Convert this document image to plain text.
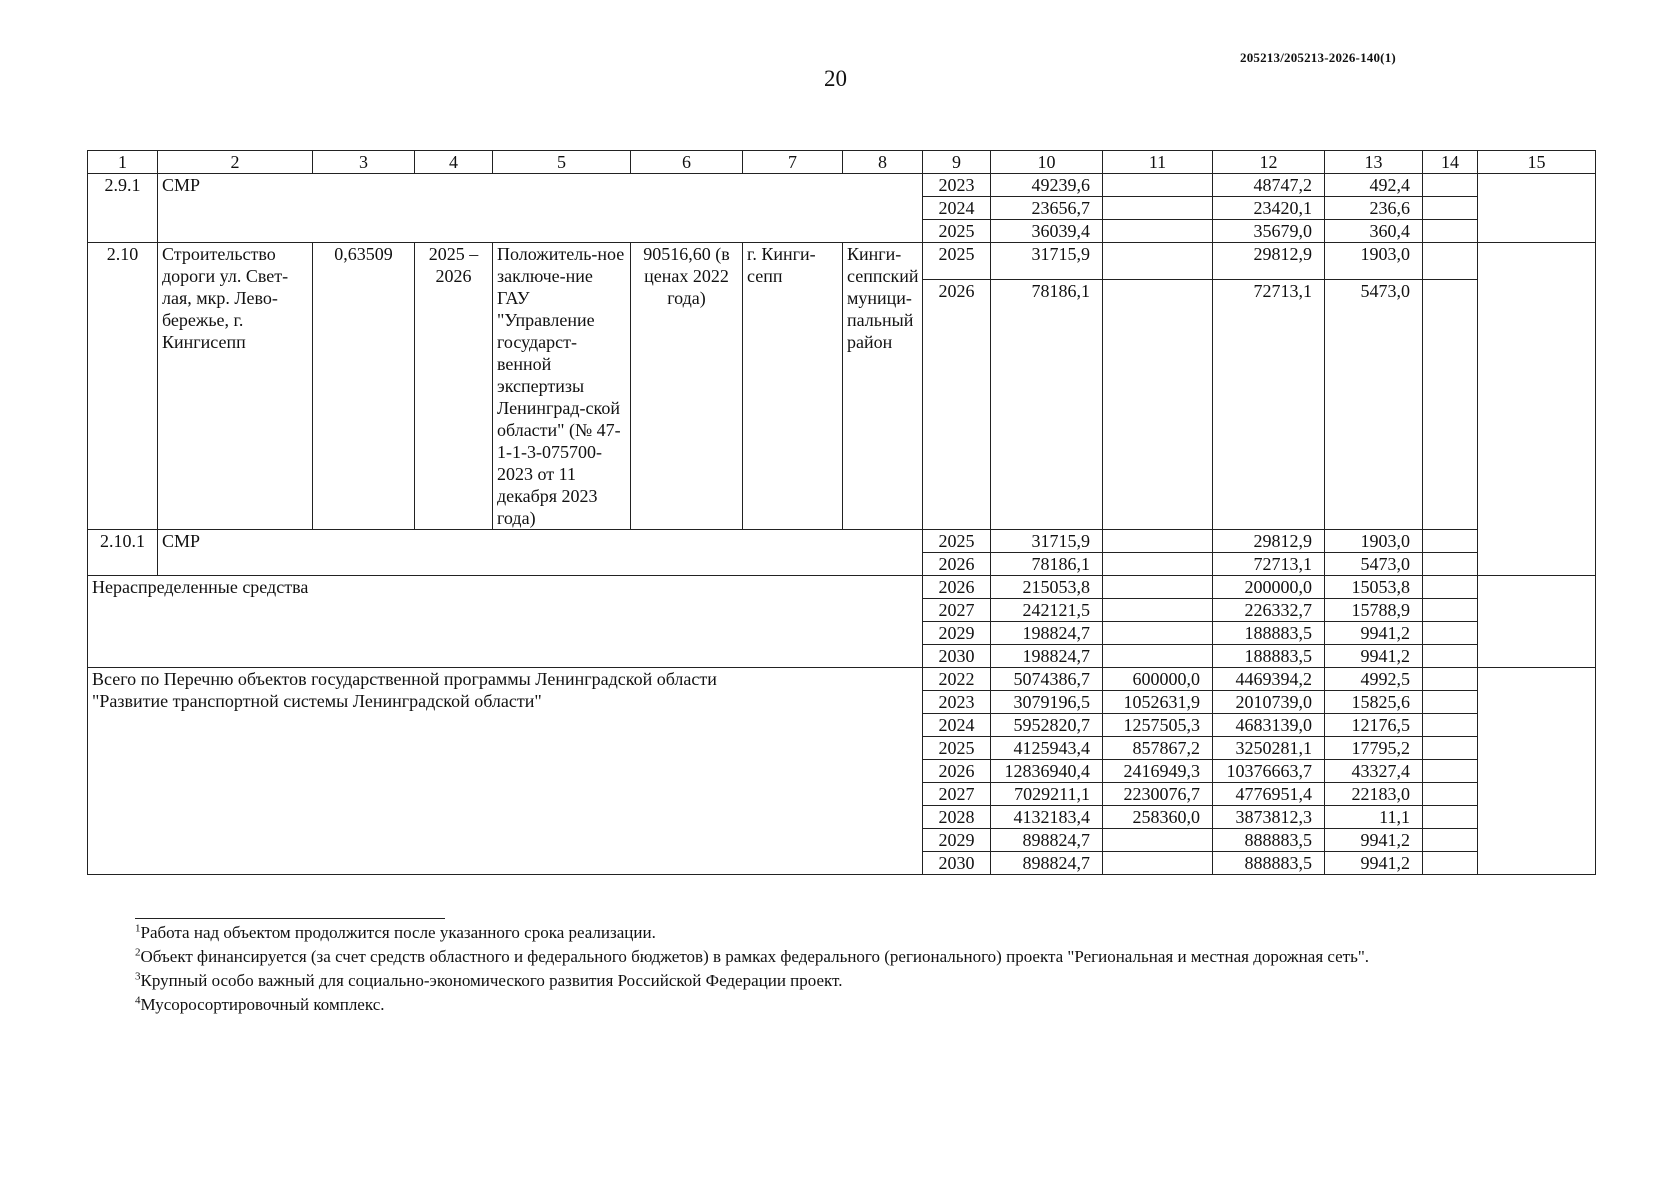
20
205213/205213-2026-140(1)
1	2	3	4	5	6	7	8	9	10	11	12	13	14	15
2.9.1	СМР							2023	49239,6		48747,2	492,4		
								2024	23656,7		23420,1	236,6		
								2025	36039,4		35679,0	360,4		
2.10	Строительство дороги ул. Свет-лая, мкр. Лево-бережье, г. Кингисепп	0,63509	2025 – 2026	Положитель-ное заключе-ние ГАУ "Управление государст-венной экспертизы Ленинград-ской области" (№ 47-1-1-3-075700-2023 от 11 декабря 2023 года)	90516,60 (в ценах 2022 года)	г. Кинги-сепп	Кинги-сеппский муници-пальный район	2025	31715,9		29812,9	1903,0		
								2026	78186,1		72713,1	5473,0		
2.10.1	СМР							2025	31715,9		29812,9	1903,0		
								2026	78186,1		72713,1	5473,0		
Нераспределенные средства								2026	215053,8		200000,0	15053,8		
								2027	242121,5		226332,7	15788,9		
								2029	198824,7		188883,5	9941,2		
								2030	198824,7		188883,5	9941,2		

Всего по Перечню объектов государственной программы Ленинградской области
"Развитие транспортной системы Ленинградской области"								2022	5074386,7	600000,0	4469394,2	4992,5		
								2023	3079196,5	1052631,9	2010739,0	15825,6		
								2024	5952820,7	1257505,3	4683139,0	12176,5		
								2025	4125943,4	857867,2	3250281,1	17795,2		
								2026	12836940,4	2416949,3	10376663,7	43327,4		
								2027	7029211,1	2230076,7	4776951,4	22183,0		
								2028	4132183,4	258360,0	3873812,3	11,1		
								2029	898824,7		888883,5	9941,2		
								2030	898824,7		888883,5	9941,2		
$^1$Работа над объектом продолжится после указанного срока реализации.
$^2$Объект финансируется (за счет средств областного и федерального бюджетов) в рамках федерального (регионального) проекта "Региональная и местная дорожная сеть".
$^3$Крупный особо важный для социально-экономического развития Российской Федерации проект.
$^4$Мусоросортировочный комплекс.
